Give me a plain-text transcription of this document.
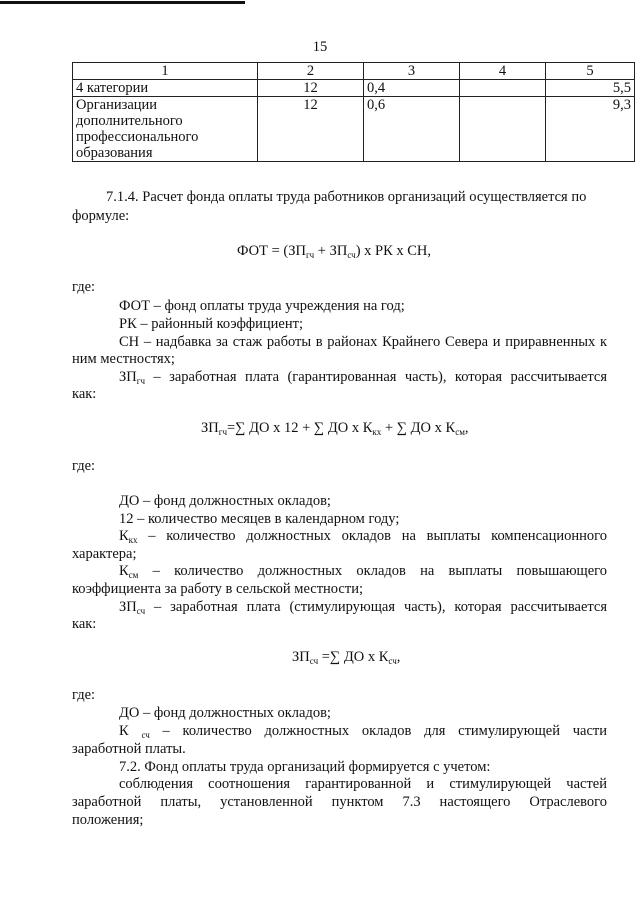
15
1	2	3	4	5
4 категории	12	0,4		5,5

Организации
дополнительного
профессионального
образования	12	0,6		9,3
7.1.4. Расчет фонда оплаты труда работников организаций осуществляется по
формуле:
ФОТ = $(ЗП_{гч} + ЗП_{сч})$ х РК х СН,
где:
ФОТ – фонд оплаты труда учреждения на год;
РК – районный коэффициент;
СН – надбавка за стаж работы в районах Крайнего Севера и приравненных к
ним местностях;
$ЗП_{гч}$ – заработная плата (гарантированная часть), которая рассчитывается
как:
$ЗП_{гч}=\sum$ ДО х 12 + ∑ ДО х $К_{кх}$ + ∑ ДО х $К_{см}$,
где:
ДО – фонд должностных окладов;
12 – количество месяцев в календарном году;
$К_{кх}$ – количество должностных окладов на выплаты компенсационного
характера;
$К_{см}$ – количество должностных окладов на выплаты повышающего
коэффициента за работу в сельской местности;
$ЗП_{сч}$ – заработная плата (стимулирующая часть), которая рассчитывается
как:
$ЗП_{сч}$ =∑ ДО х $К_{сч}$,
где:
ДО – фонд должностных окладов;
К $_{сч}$ – количество должностных окладов для стимулирующей части
заработной платы.
7.2. Фонд оплаты труда организаций формируется с учетом:
соблюдения соотношения гарантированной и стимулирующей частей
заработной платы, установленной пунктом 7.3 настоящего Отраслевого
положения;
